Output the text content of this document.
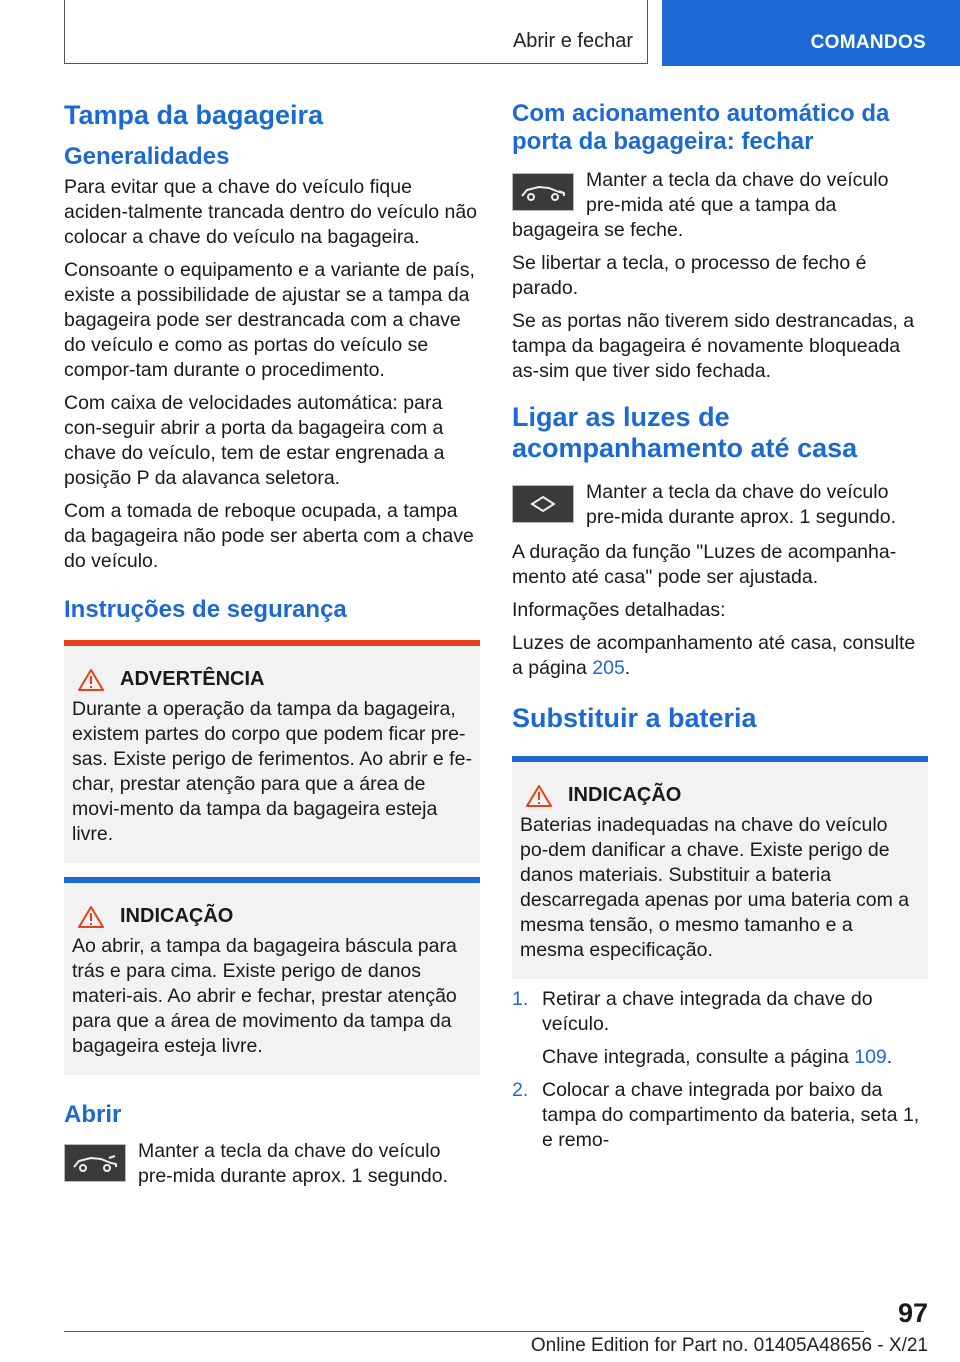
Abrir e fechar	COMANDOS
Tampa da bagageira
Generalidades

Para evitar que a chave do veículo fique aciden-talmente trancada dentro do veículo não colocar a chave do veículo na bagageira.

Consoante o equipamento e a variante de país, existe a possibilidade de ajustar se a tampa da bagageira pode ser destrancada com a chave do veículo e como as portas do veículo se compor-tam durante o procedimento.

Com caixa de velocidades automática: para con-seguir abrir a porta da bagageira com a chave do veículo, tem de estar engrenada a posição P da alavanca seletora.

Com a tomada de reboque ocupada, a tampa da bagageira não pode ser aberta com a chave do veículo.

Instruções de segurança
ADVERTÊNCIA

Durante a operação da tampa da bagageira, existem partes do corpo que podem ficar pre-sas. Existe perigo de ferimentos. Ao abrir e fe-char, prestar atenção para que a área de movi-mento da tampa da bagageira esteja livre.

INDICAÇÃO

Ao abrir, a tampa da bagageira báscula para trás e para cima. Existe perigo de danos materi-ais. Ao abrir e fechar, prestar atenção para que a área de movimento da tampa da bagageira esteja livre.

Abrir

Manter a tecla da chave do veículo pre-mida durante aprox. 1 segundo.

Com acionamento automático da porta da bagageira: fechar

Manter a tecla da chave do veículo pre-mida até que a tampa da bagageira se feche.

Se libertar a tecla, o processo de fecho é parado.

Se as portas não tiverem sido destrancadas, a tampa da bagageira é novamente bloqueada as-sim que tiver sido fechada.

Ligar as luzes de acompanhamento até casa

Manter a tecla da chave do veículo pre-mida durante aprox. 1 segundo.

A duração da função "Luzes de acompanha-mento até casa" pode ser ajustada.

Informações detalhadas:

Luzes de acompanhamento até casa, consulte a página 205.

Substituir a bateria
INDICAÇÃO

Baterias inadequadas na chave do veículo po-dem danificar a chave. Existe perigo de danos materiais. Substituir a bateria descarregada apenas por uma bateria com a mesma tensão, o mesmo tamanho e a mesma especificação.

1. Retirar a chave integrada da chave do veículo.
Chave integrada, consulte a página 109.
2. Colocar a chave integrada por baixo da tampa do compartimento da bateria, seta 1, e remo-
97
Online Edition for Part no. 01405A48656 - X/21
